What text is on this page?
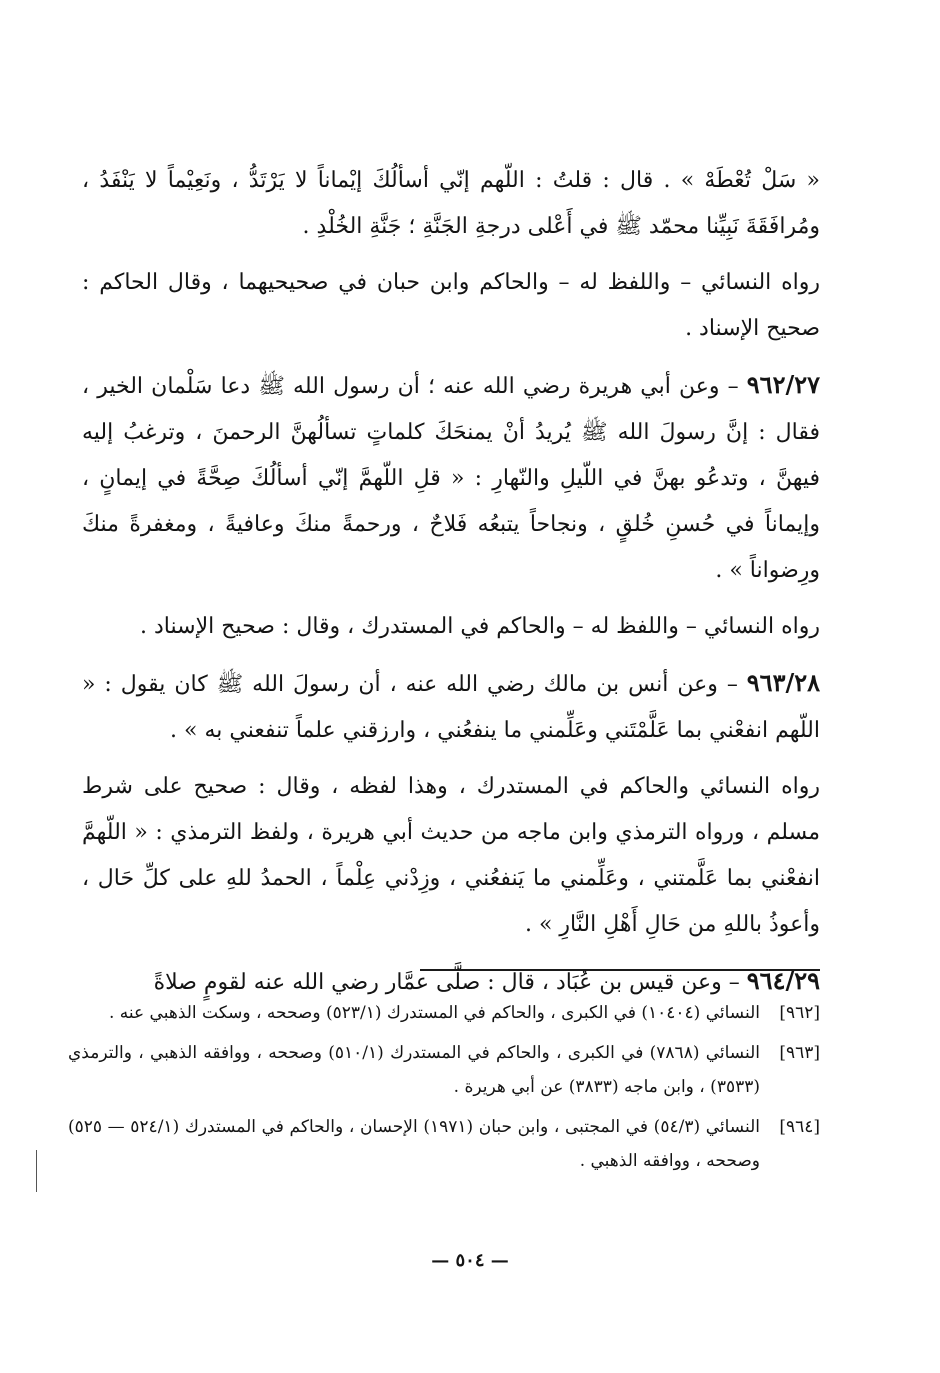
« سَلْ تُعْطَهْ » . قال : قلتُ : اللّهم إنّي أسألُكَ إيْماناً لا يَرْتَدُّ ، ونَعِيْماً لا يَنْفَدُ ، ومُرافَقَةَ نَبِيِّنا محمّد ﷺ في أَعْلى درجةِ الجَنَّةِ ؛ جَنَّةِ الخُلْدِ .

رواه النسائي – واللفظ له – والحاكم وابن حبان في صحيحيهما ، وقال الحاكم : صحيح الإسناد .

٩٦٢/٢٧ – وعن أبي هريرة رضي الله عنه ؛ أن رسول الله ﷺ دعا سَلْمان الخير ، فقال : إنَّ رسولَ الله ﷺ يُريدُ أنْ يمنحَكَ كلماتٍ تسألُهنَّ الرحمنَ ، وترغبُ إليه فيهنَّ ، وتدعُو بهنَّ في اللّيلِ والنّهارِ : « قلِ اللّهمَّ إنّي أسألُكَ صِحَّةً في إيمانٍ ، وإيماناً في حُسنِ خُلقٍ ، ونجاحاً يتبعُه فَلاحٌ ، ورحمةً منكَ وعافيةً ، ومغفرةً منكَ ورِضواناً » .

رواه النسائي – واللفظ له – والحاكم في المستدرك ، وقال : صحيح الإسناد .

٩٦٣/٢٨ – وعن أنس بن مالك رضي الله عنه ، أن رسولَ الله ﷺ كان يقول : « اللّهم انفعْني بما عَلَّمْتَني وعَلِّمني ما ينفعُني ، وارزقني علماً تنفعني به » .

رواه النسائي والحاكم في المستدرك ، وهذا لفظه ، وقال : صحيح على شرط مسلم ، ورواه الترمذي وابن ماجه من حديث أبي هريرة ، ولفظ الترمذي : « اللّهمَّ انفعْني بما عَلَّمتني ، وعَلِّمني ما يَنفعُني ، وزِدْني عِلْماً ، الحمدُ للهِ على كلِّ حَال ، وأعوذُ باللهِ من حَالِ أَهْلِ النَّارِ » .

٩٦٤/٢٩ – وعن قيس بن عُبَاد ، قال : صلَّى عمَّار رضي الله عنه لقومٍ صلاةً

[٩٦٢]
النسائي (١٠٤٠٤) في الكبرى ، والحاكم في المستدرك (٥٢٣/١) وصححه ، وسكت الذهبي عنه .
[٩٦٣]
النسائي (٧٨٦٨) في الكبرى ، والحاكم في المستدرك (٥١٠/١) وصححه ، ووافقه الذهبي ، والترمذي (٣٥٣٣) ، وابن ماجه (٣٨٣٣) عن أبي هريرة .
[٩٦٤]
النسائي (٥٤/٣) في المجتبى ، وابن حبان (١٩٧١) الإحسان ، والحاكم في المستدرك (٥٢٤/١ — ٥٢٥) وصححه ، ووافقه الذهبي .
— ٥٠٤ —
